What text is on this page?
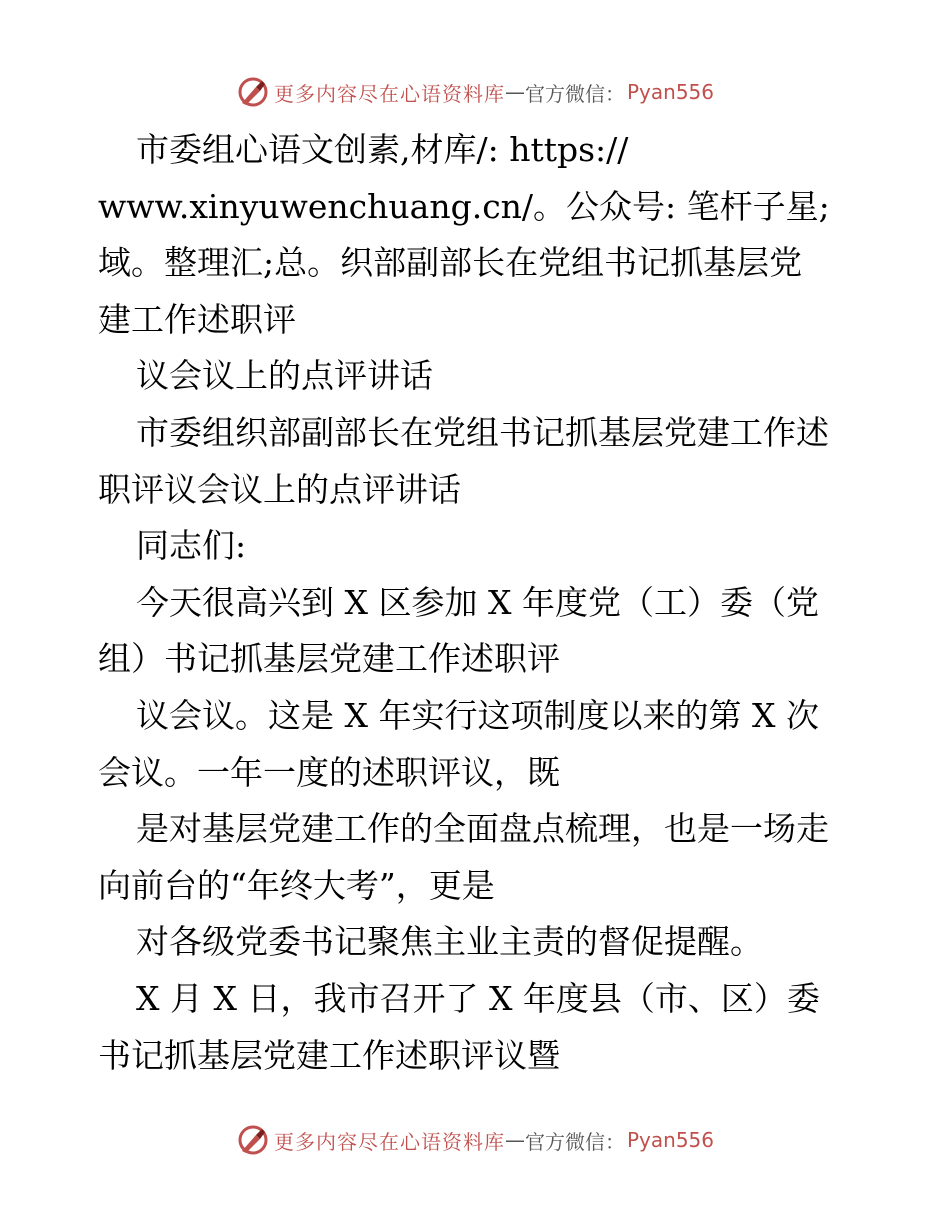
更多内容尽在心语资料库 — 官方微信： Pyan556
市委组心语文创素,材库/: https://
www.xinyuwenchuang.cn/。公众号: 笔杆子星;
域。整理汇;总。织部副部长在党组书记抓基层党
建工作述职评
议会议上的点评讲话
市委组织部副部长在党组书记抓基层党建工作述
职评议会议上的点评讲话
同志们:
今天很高兴到 X 区参加 X 年度党（工）委（党
组）书记抓基层党建工作述职评
议会议。这是 X 年实行这项制度以来的第 X 次
会议。一年一度的述职评议，既
是对基层党建工作的全面盘点梳理，也是一场走
向前台的“年终大考”，更是
对各级党委书记聚焦主业主责的督促提醒。
X 月 X 日，我市召开了 X 年度县（市、区）委
书记抓基层党建工作述职评议暨
更多内容尽在心语资料库 — 官方微信： Pyan556
